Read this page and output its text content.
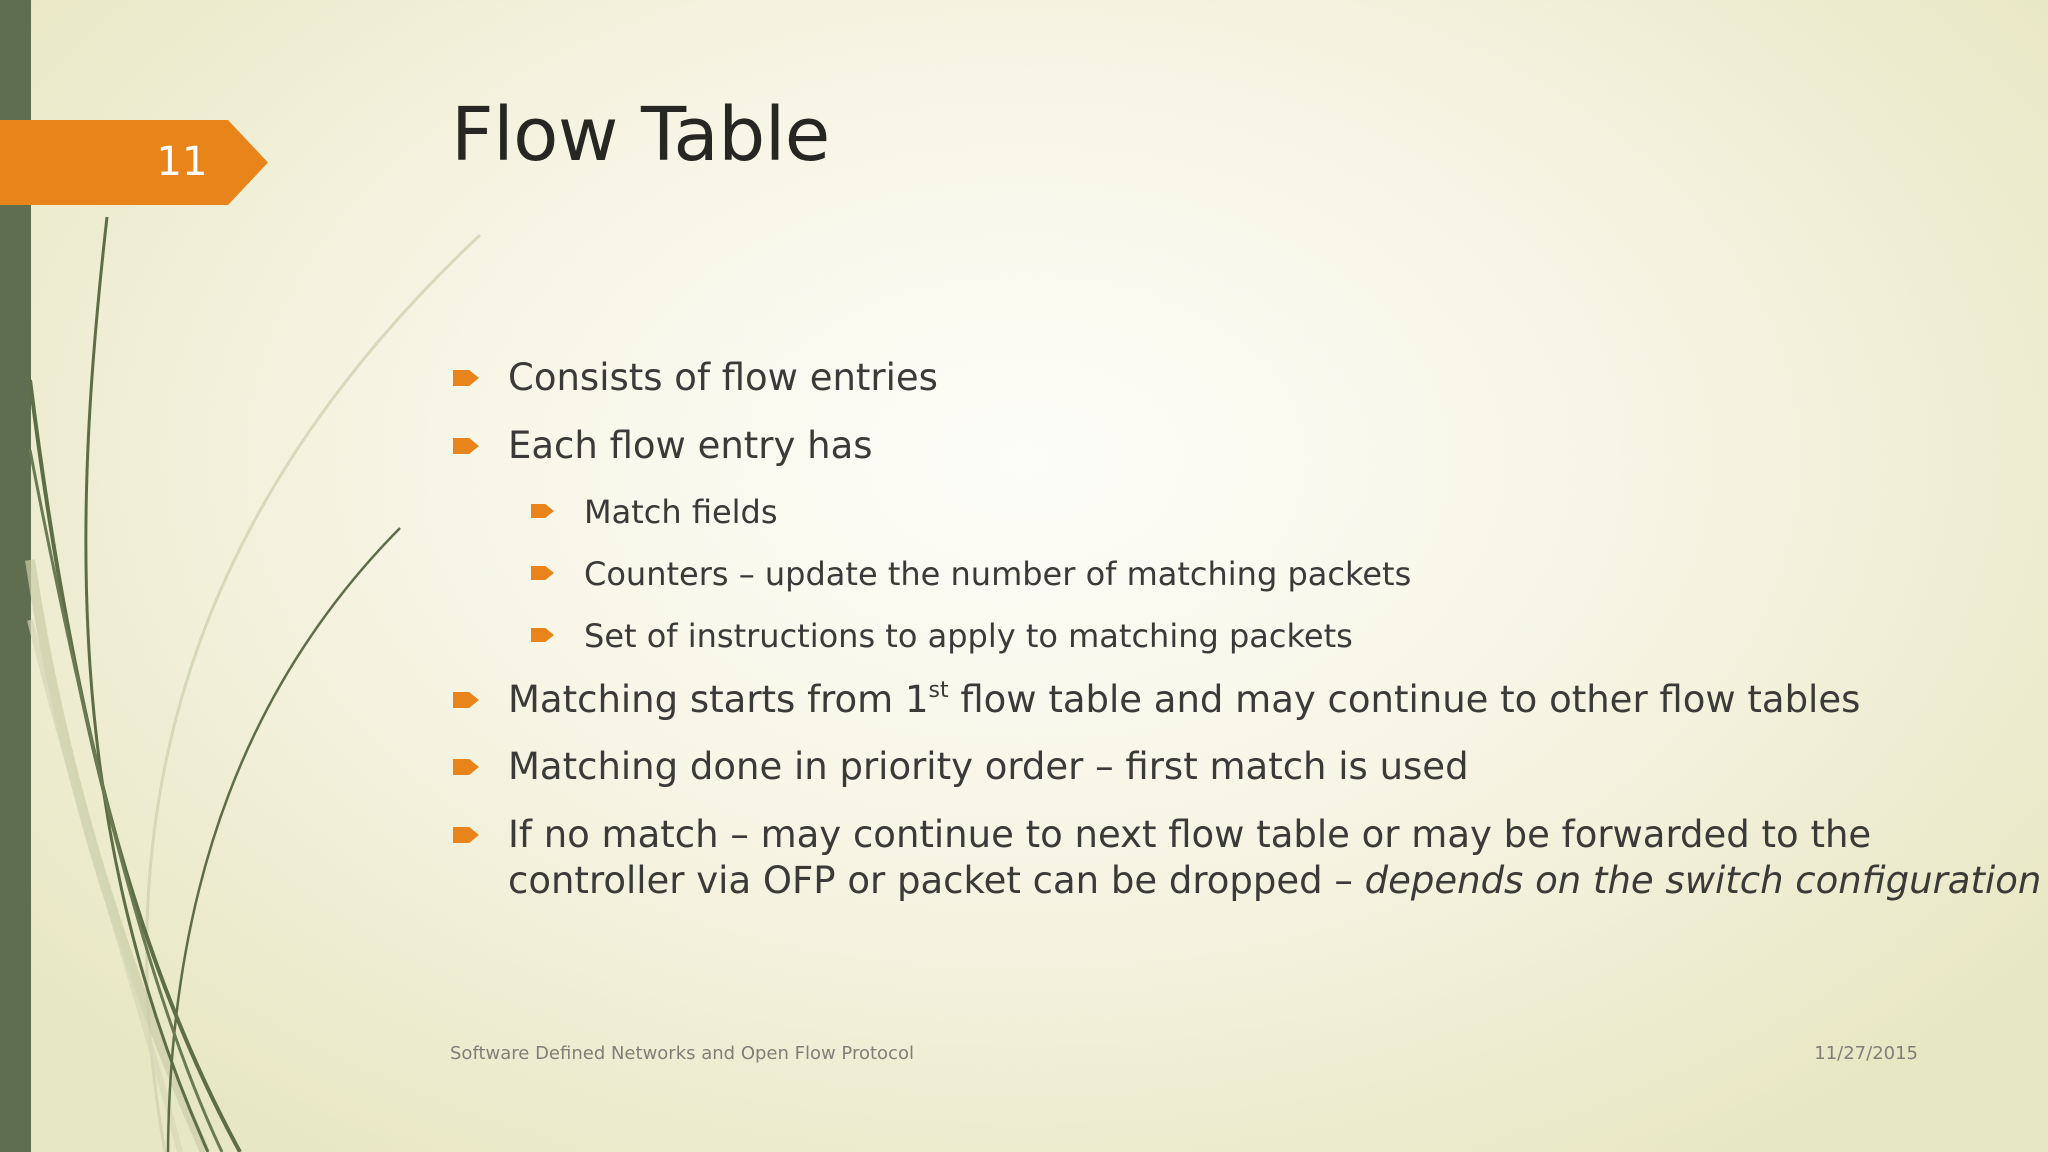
11	Flow Table
Consists of flow entries
Each flow entry has
Match fields
Counters – update the number of matching packets
Set of instructions to apply to matching packets
Matching starts from 1st flow table and may continue to other flow tables
Matching done in priority order – first match is used
If no match – may continue to next flow table or may be forwarded to the
controller via OFP or packet can be dropped – depends on the switch configuration
Software Defined Networks and Open Flow Protocol	11/27/2015
